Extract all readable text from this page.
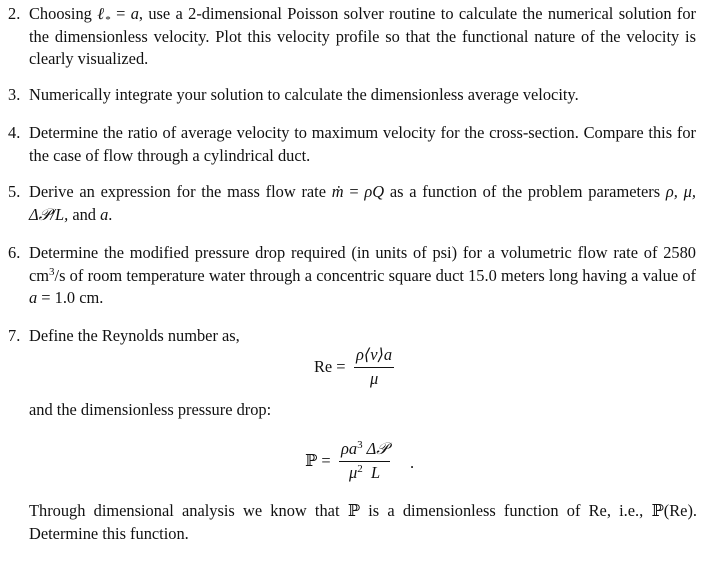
2. Choosing ℓ$_*$ = a, use a 2-dimensional Poisson solver routine to calculate the numerical solution for the dimensionless velocity. Plot this velocity profile so that the functional nature of the velocity is clearly visualized.
3. Numerically integrate your solution to calculate the dimensionless average velocity.
4. Determine the ratio of average velocity to maximum velocity for the cross-section. Compare this for the case of flow through a cylindrical duct.
5. Derive an expression for the mass flow rate ṁ = ρQ as a function of the problem parameters ρ, μ, Δ𝒫/L, and a.
6. Determine the modified pressure drop required (in units of psi) for a volumetric flow rate of 2580 $cm^3/s$ of room temperature water through a concentric square duct 15.0 meters long having a value of a = 1.0 cm.
7. Define the Reynolds number as,
Re =
ρ⟨v⟩a
μ
and the dimensionless pressure drop:
ℙ =
$\rho a^3$ Δ𝒫
$\mu^2$ L	.
Through dimensional analysis we know that ℙ is a dimensionless function of Re, i.e., ℙ(Re). Determine this function.
